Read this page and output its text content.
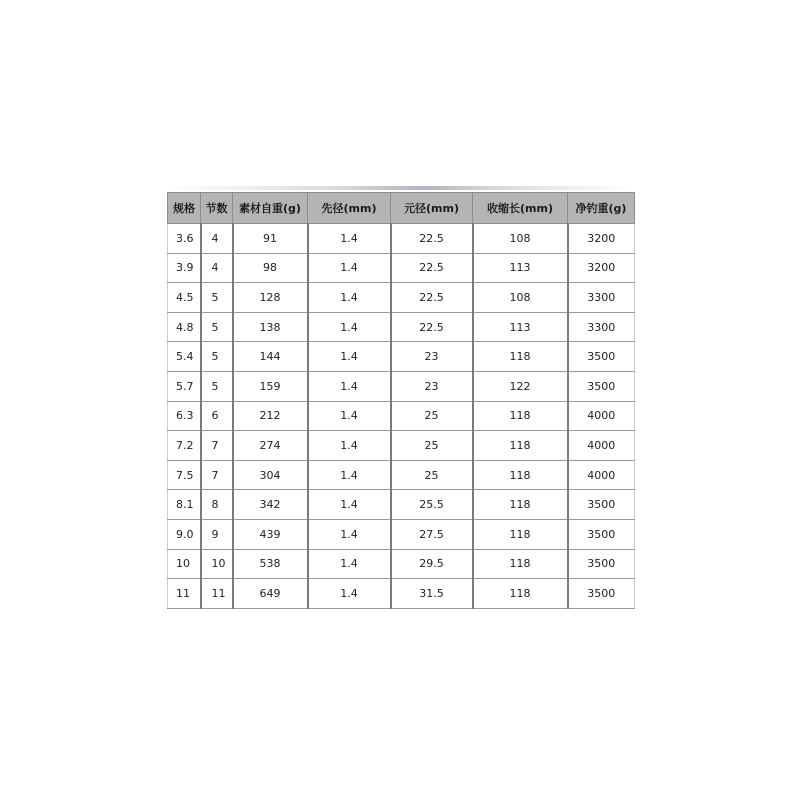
规格	节数	素材自重(g)	先径(mm)	元径(mm)	收缩长(mm)	净钓重(g)
3.6	4	91	1.4	22.5	108	3200
3.9	4	98	1.4	22.5	113	3200
4.5	5	128	1.4	22.5	108	3300
4.8	5	138	1.4	22.5	113	3300
5.4	5	144	1.4	23	118	3500
5.7	5	159	1.4	23	122	3500
6.3	6	212	1.4	25	118	4000
7.2	7	274	1.4	25	118	4000
7.5	7	304	1.4	25	118	4000
8.1	8	342	1.4	25.5	118	3500
9.0	9	439	1.4	27.5	118	3500
10	10	538	1.4	29.5	118	3500
11	11	649	1.4	31.5	118	3500
